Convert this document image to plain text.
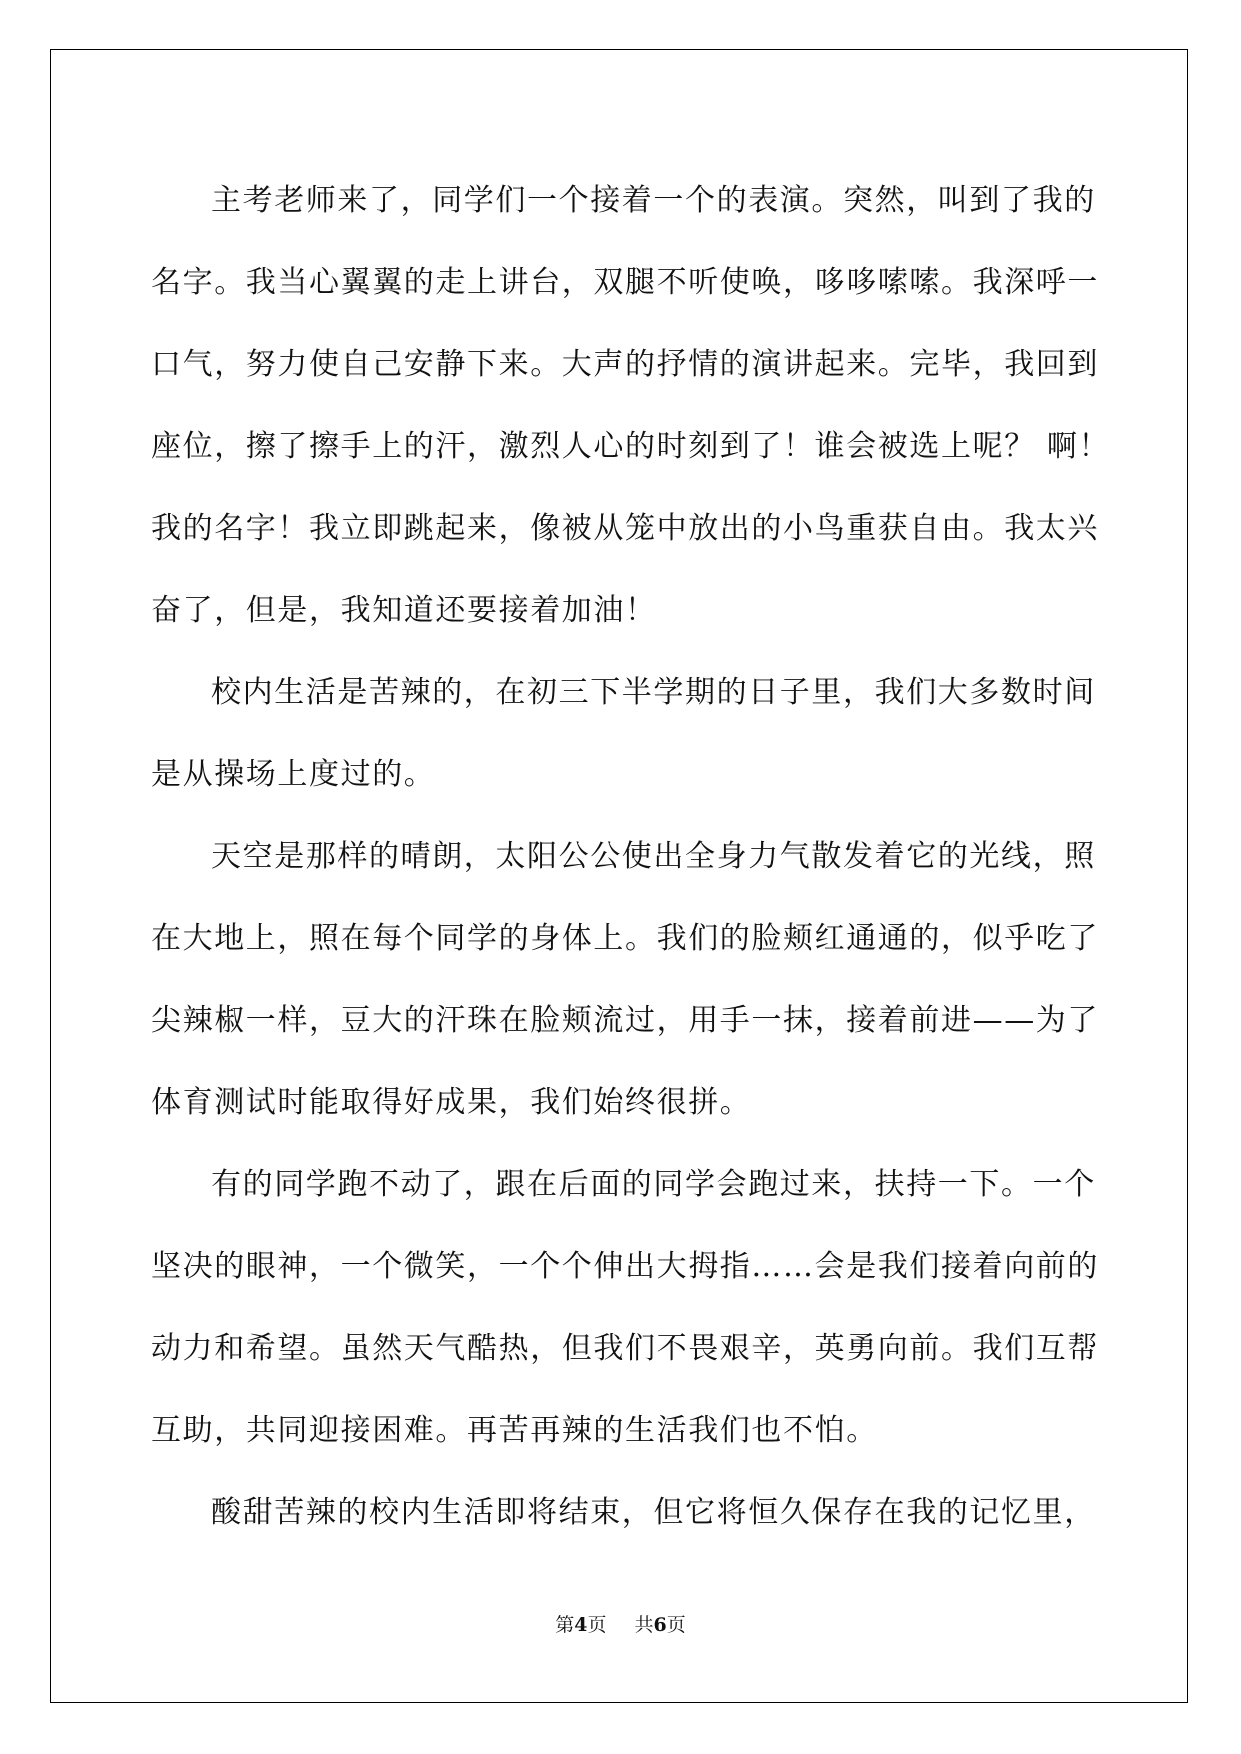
主考老师来了，同学们一个接着一个的表演。突然，叫到了我的
名字。我当心翼翼的走上讲台，双腿不听使唤，哆哆嗦嗦。我深呼一
口气，努力使自己安静下来。大声的抒情的演讲起来。完毕，我回到
座位，擦了擦手上的汗，激烈人心的时刻到了！谁会被选上呢？ 啊！
我的名字！我立即跳起来，像被从笼中放出的小鸟重获自由。我太兴
奋了，但是，我知道还要接着加油！

校内生活是苦辣的，在初三下半学期的日子里，我们大多数时间
是从操场上度过的。

天空是那样的晴朗，太阳公公使出全身力气散发着它的光线，照
在大地上，照在每个同学的身体上。我们的脸颊红通通的，似乎吃了
尖辣椒一样，豆大的汗珠在脸颊流过，用手一抹，接着前进——为了
体育测试时能取得好成果，我们始终很拼。

有的同学跑不动了，跟在后面的同学会跑过来，扶持一下。一个
坚决的眼神，一个微笑，一个个伸出大拇指……会是我们接着向前的
动力和希望。虽然天气酷热，但我们不畏艰辛，英勇向前。我们互帮
互助，共同迎接困难。再苦再辣的生活我们也不怕。

酸甜苦辣的校内生活即将结束，但它将恒久保存在我的记忆里，

第4页 共6页
